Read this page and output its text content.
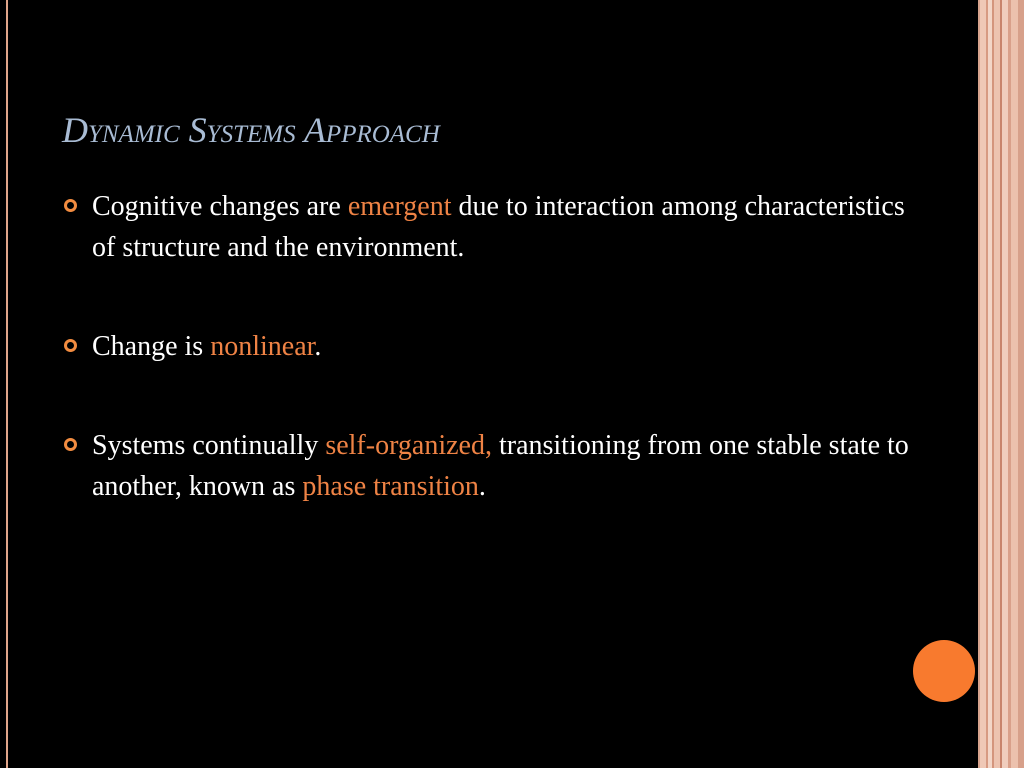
Dynamic Systems Approach
Cognitive changes are emergent due to interaction among characteristics of structure and the environment.
Change is nonlinear.
Systems continually self-organized, transitioning from one stable state to another, known as phase transition.
